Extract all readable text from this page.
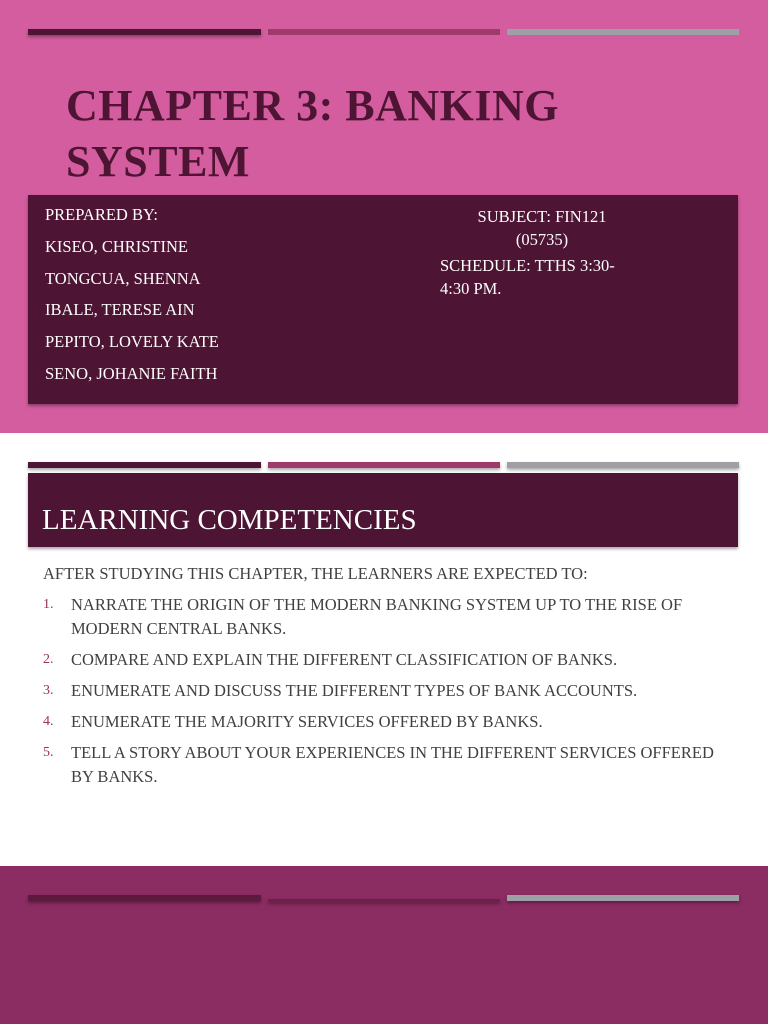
CHAPTER 3: BANKING
SYSTEM
PREPARED BY:
KISEO, CHRISTINE
TONGCUA, SHENNA
IBALE, TERESE AIN
PEPITO, LOVELY KATE
SENO, JOHANIE FAITH
SUBJECT: FIN121
(05735)
SCHEDULE: TTHS 3:30-
4:30 PM.
LEARNING COMPETENCIES
AFTER STUDYING THIS CHAPTER, THE LEARNERS ARE EXPECTED TO:
1. NARRATE THE ORIGIN OF THE MODERN BANKING SYSTEM UP TO THE RISE OF MODERN CENTRAL BANKS.
2. COMPARE AND EXPLAIN THE DIFFERENT CLASSIFICATION OF BANKS.
3. ENUMERATE AND DISCUSS THE DIFFERENT TYPES OF BANK ACCOUNTS.
4. ENUMERATE THE MAJORITY SERVICES OFFERED BY BANKS.
5. TELL A STORY ABOUT YOUR EXPERIENCES IN THE DIFFERENT SERVICES OFFERED BY BANKS.
